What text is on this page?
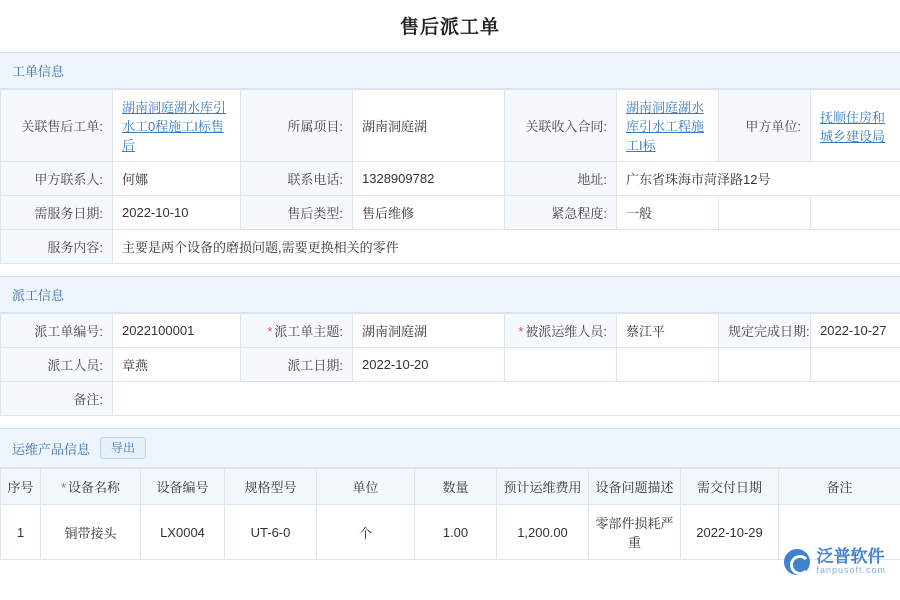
售后派工单
工单信息
关联售后工单:	湖南洞庭湖水库引水工0程施工I标售后	所属项目:	湖南洞庭湖	关联收入合同:	湖南洞庭湖水库引水工程施工I标	甲方单位:	抚顺住房和城乡建设局
甲方联系人:	何娜	联系电话:	1328909782	地址:	广东省珠海市菏泽路12号		
需服务日期:	2022-10-10	售后类型:	售后维修	紧急程度:	一般		
服务内容:	主要是两个设备的磨损问题,需要更换相关的零件						
派工信息
派工单编号:	2022100001	* 派工单主题:	湖南洞庭湖	* 被派运维人员:	蔡江平	规定完成日期:	2022-10-27
派工人员:	章燕	派工日期:	2022-10-20				
备注:							
运维产品信息	导出
序号	* 设备名称	设备编号	规格型号	单位	数量	预计运维费用	设备问题描述	需交付日期	备注
1	铜带接头	LX0004	UT-6-0	个	1.00	1,200.00	零部件损耗严重	2022-10-29	
泛普软件
fanpusoft.com
